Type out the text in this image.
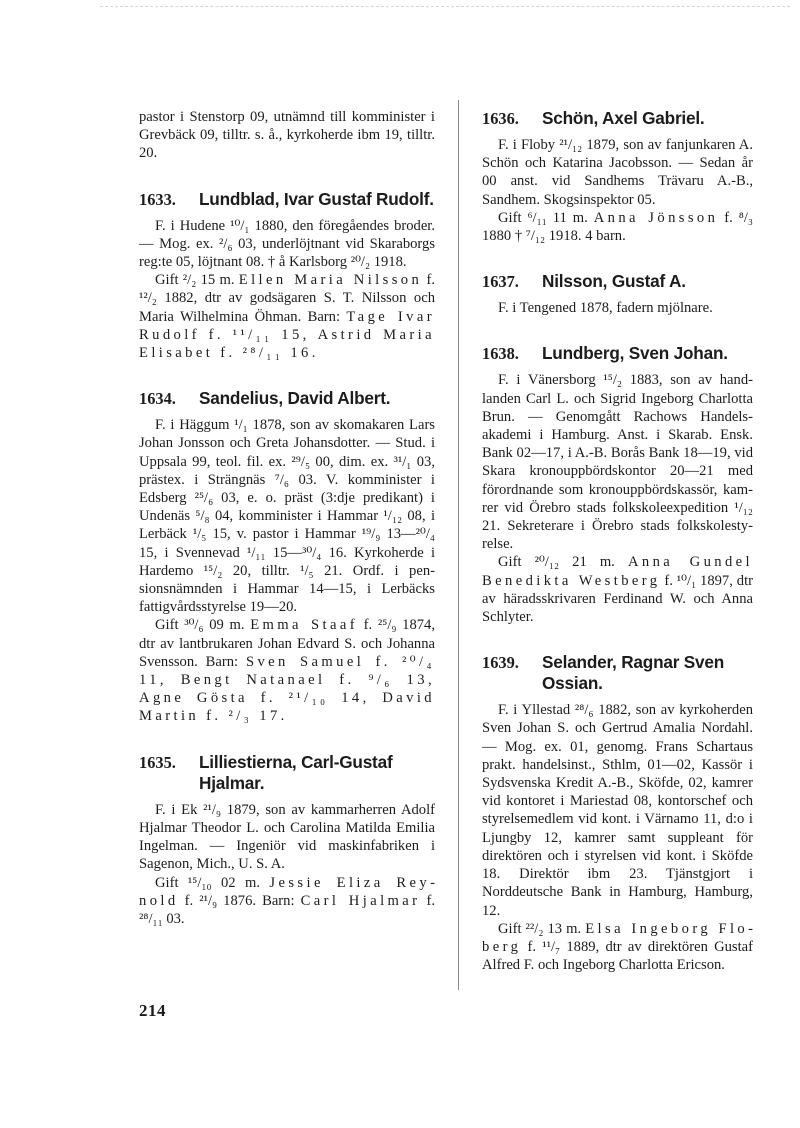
pastor i Stenstorp 09, utnämnd till komminister i Grevbäck 09, tilltr. s. å., kyrkoherde ibm 19, tilltr. 20.

1633. Lundblad, Ivar Gustaf Rudolf.

F. i Hudene ¹⁰/₁ 1880, den föregåendes broder. — Mog. ex. ²/₆ 03, underlöjtnant vid Skaraborgs reg:te 05, löjtnant 08. † å Karlsborg ²⁰/₂ 1918.

Gift ²/₂ 15 m. Ellen Maria Nilsson f. ¹²/₂ 1882, dtr av godsägaren S. T. Nilsson och Maria Wilhelmina Öhman. Barn: Tage Ivar Rudolf f. ¹¹/₁₁ 15, Astrid Maria Elisabet f. ²⁸/₁₁ 16.

1634. Sandelius, David Albert.

F. i Häggum ¹/₁ 1878, son av skomakaren Lars Johan Jonsson och Greta Johansdotter. — Stud. i Uppsala 99, teol. fil. ex. ²⁹/₅ 00, dim. ex. ³¹/₁ 03, prästex. i Strängnäs ⁷/₆ 03. V. komminister i Edsberg ²⁵/₆ 03, e. o. präst (3:dje predikant) i Undenäs ⁵/₈ 04, komminister i Hammar ¹/₁₂ 08, i Lerbäck ¹/₅ 15, v. pastor i Hammar ¹⁹/₉ 13—²⁰/₄ 15, i Svennevad ¹/₁₁ 15—³⁰/₄ 16. Kyrkoherde i Hardemo ¹⁵/₂ 20, tilltr. ¹/₅ 21. Ordf. i pensionsnämnden i Hammar 14—15, i Lerbäcks fattigvårdsstyrelse 19—20.

Gift ³⁰/₆ 09 m. Emma Staaf f. ²⁵/₉ 1874, dtr av lantbrukaren Johan Edvard S. och Johanna Svensson. Barn: Sven Samuel f. ²⁰/₄ 11, Bengt Natanael f. ⁹/₆ 13, Agne Gösta f. ²¹/₁₀ 14, David Martin f. ²/₃ 17.

1635. Lilliestierna, Carl-Gustaf Hjalmar.

F. i Ek ²¹/₉ 1879, son av kammarherren Adolf Hjalmar Theodor L. och Carolina Matilda Emilia Ingelman. — Ingeniör vid maskinfabriken i Sagenon, Mich., U. S. A.

Gift ¹⁵/₁₀ 02 m. Jessie Eliza Reynold f. ²¹/₉ 1876. Barn: Carl Hjalmar f. ²⁸/₁₁ 03.

1636. Schön, Axel Gabriel.

F. i Floby ²¹/₁₂ 1879, son av fanjunkaren A. Schön och Katarina Jacobsson. — Sedan år 00 anst. vid Sandhems Trävaru A.-B., Sandhem. Skogsinspektor 05.

Gift ⁶/₁₁ 11 m. Anna Jönsson f. ⁸/₃ 1880 † ⁷/₁₂ 1918. 4 barn.

1637. Nilsson, Gustaf A.

F. i Tengened 1878, fadern mjölnare.

1638. Lundberg, Sven Johan.

F. i Vänersborg ¹⁵/₂ 1883, son av handlanden Carl L. och Sigrid Ingeborg Charlotta Brun. — Genomgått Rachows Handelsakademi i Hamburg. Anst. i Skarab. Ensk. Bank 02—17, i A.-B. Borås Bank 18—19, vid Skara kronouppbördskontor 20—21 med förordnande som kronouppbördskassör, kamrer vid Örebro stads folkskoleexpedition ¹/₁₂ 21. Sekreterare i Örebro stads folkskolestyrelse.

Gift ²⁰/₁₂ 21 m. Anna Gundel Benedikta Westberg f. ¹⁰/₁ 1897, dtr av häradsskrivaren Ferdinand W. och Anna Schlyter.

1639. Selander, Ragnar Sven Ossian.

F. i Yllestad ²⁸/₆ 1882, son av kyrkoherden Sven Johan S. och Gertrud Amalia Nordahl. — Mog. ex. 01, genomg. Frans Schartaus prakt. handelsinst., Sthlm, 01—02, Kassör i Sydsvenska Kredit A.-B., Sköfde, 02, kamrer vid kontoret i Mariestad 08, kontorschef och styrelsemedlem vid kont. i Värnamo 11, d:o i Ljungby 12, kamrer samt suppleant för direktören och i styrelsen vid kont. i Sköfde 18. Direktör ibm 23. Tjänstgjort i Norddeutsche Bank in Hamburg, Hamburg, 12.

Gift ²²/₂ 13 m. Elsa Ingeborg Floberg f. ¹¹/₇ 1889, dtr av direktören Gustaf Alfred F. och Ingeborg Charlotta Ericson.

214
